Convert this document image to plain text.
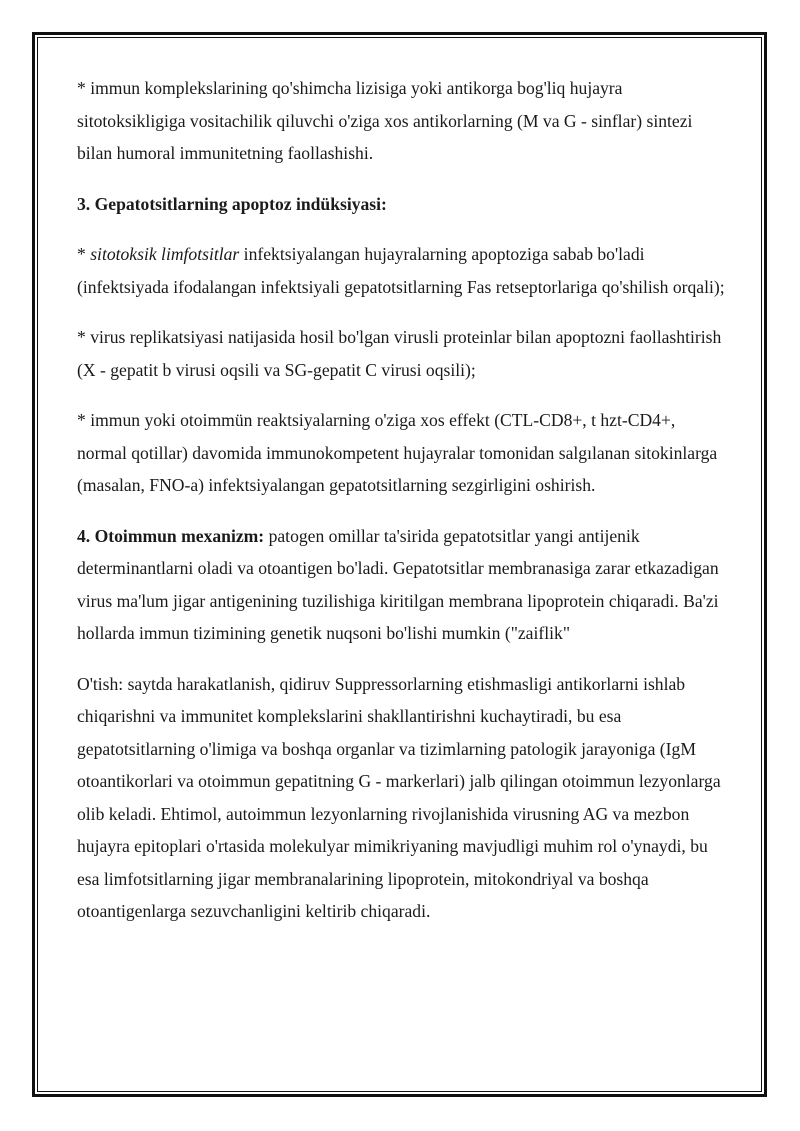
* immun komplekslarining qo'shimcha lizisiga yoki antikorga bog'liq hujayra sitotoksikligiga vositachilik qiluvchi o'ziga xos antikorlarning (M va G - sinflar) sintezi bilan humoral immunitetning faollashishi.

3. Gepatotsitlarning apoptoz indüksiyasi:

* sitotoksik limfotsitlar infektsiyalangan hujayralarning apoptoziga sabab bo'ladi (infektsiyada ifodalangan infektsiyali gepatotsitlarning Fas retseptorlariga qo'shilish orqali);

* virus replikatsiyasi natijasida hosil bo'lgan virusli proteinlar bilan apoptozni faollashtirish (X - gepatit b virusi oqsili va SG-gepatit C virusi oqsili);

* immun yoki otoimmün reaktsiyalarning o'ziga xos effekt (CTL-CD8+, t hzt-CD4+, normal qotillar) davomida immunokompetent hujayralar tomonidan salgılanan sitokinlarga (masalan, FNO-a) infektsiyalangan gepatotsitlarning sezgirligini oshirish.

4. Otoimmun mexanizm: patogen omillar ta'sirida gepatotsitlar yangi antijenik determinantlarni oladi va otoantigen bo'ladi. Gepatotsitlar membranasiga zarar etkazadigan virus ma'lum jigar antigenining tuzilishiga kiritilgan membrana lipoprotein chiqaradi. Ba'zi hollarda immun tizimining genetik nuqsoni bo'lishi mumkin ("zaiflik"

O'tish: saytda harakatlanish, qidiruv Suppressorlarning etishmasligi antikorlarni ishlab chiqarishni va immunitet komplekslarini shakllantirishni kuchaytiradi, bu esa gepatotsitlarning o'limiga va boshqa organlar va tizimlarning patologik jarayoniga (IgM otoantikorlari va otoimmun gepatitning G - markerlari) jalb qilingan otoimmun lezyonlarga olib keladi. Ehtimol, autoimmun lezyonlarning rivojlanishida virusning AG va mezbon hujayra epitoplari o'rtasida molekulyar mimikriyaning mavjudligi muhim rol o'ynaydi, bu esa limfotsitlarning jigar membranalarining lipoprotein, mitokondriyal va boshqa otoantigenlarga sezuvchanligini keltirib chiqaradi.
